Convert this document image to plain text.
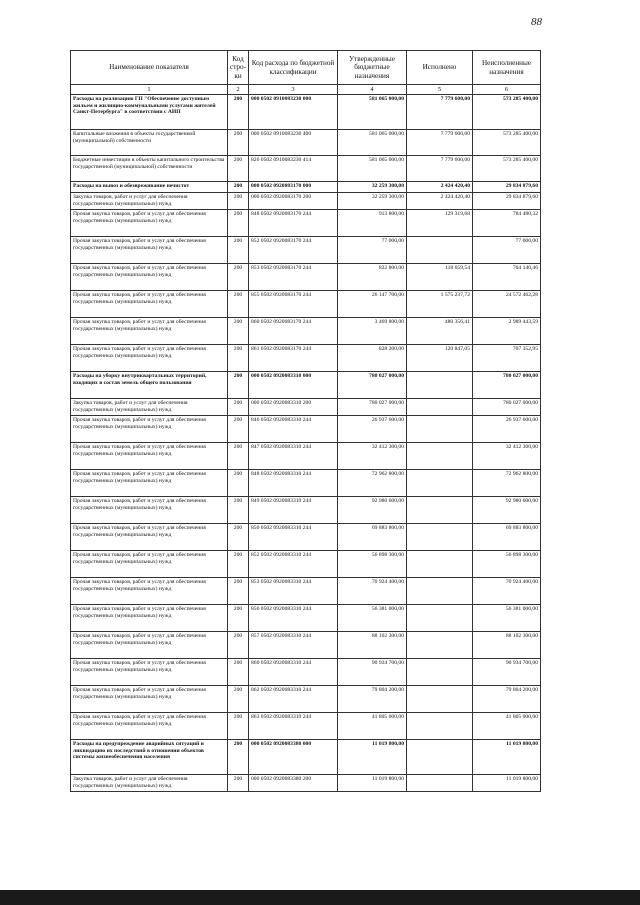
88
Наименование показателя	Код стро-ки	Код расхода по бюджетной классификации	Утвержденные бюджетные назначения	Исполнено	Неисполненные назначения
1	2	3	4	5	6
Расходы на реализацию ГП "Обеспечение доступным жильем и жилищно-коммунальными услугами жителей Санкт-Петербурга" в соответствии с АИП	200	000 0502 0910083230 000	581 065 000,00	7 779 600,00	573 285 400,00
Капитальные вложения в объекты государственной (муниципальной) собственности	200	000 0502 0910083230 400	581 065 000,00	7 779 600,00	573 285 400,00
Бюджетные инвестиции в объекты капитального строительства государственной (муниципальной) собственности	200	826 0502 0910083230 414	581 065 000,00	7 779 600,00	573 285 400,00
Расходы на вывоз и обезвреживание нечистот	200	000 0502 0920083170 000	32 259 300,00	2 424 420,40	29 834 879,60
Закупка товаров, работ и услуг для обеспечения государственных (муниципальных) нужд	200	000 0502 0920083170 200	32 259 300,00	2 424 420,40	29 834 879,60
Прочая закупка товаров, работ и услуг для обеспечения государственных (муниципальных) нужд	200	848 0502 0920083170 244	913 800,00	129 319,68	784 480,32
Прочая закупка товаров, работ и услуг для обеспечения государственных (муниципальных) нужд	200	852 0502 0920083170 244	77 000,00		77 000,00
Прочая закупка товаров, работ и услуг для обеспечения государственных (муниципальных) нужд	200	853 0502 0920083170 244	822 800,00	118 659,54	704 140,46
Прочая закупка товаров, работ и услуг для обеспечения государственных (муниципальных) нужд	200	855 0502 0920083170 244	26 147 700,00	1 575 237,72	24 572 462,28
Прочая закупка товаров, работ и услуг для обеспечения государственных (муниципальных) нужд	200	860 0502 0920083170 244	3 469 800,00	480 356,41	2 989 443,59
Прочая закупка товаров, работ и услуг для обеспечения государственных (муниципальных) нужд	200	861 0502 0920083170 244	828 200,00	120 847,05	707 352,95
Расходы на уборку внутриквартальных территорий, входящих в состав земель общего пользования	200	000 0502 0920083310 000	780 027 000,00		780 027 000,00
Закупка товаров, работ и услуг для обеспечения государственных (муниципальных) нужд	200	000 0502 0920083310 200	780 027 000,00		780 027 000,00
Прочая закупка товаров, работ и услуг для обеспечения государственных (муниципальных) нужд	200	846 0502 0920083310 244	26 937 600,00		26 937 600,00
Прочая закупка товаров, работ и услуг для обеспечения государственных (муниципальных) нужд	200	847 0502 0920083310 244	32 412 300,00		32 412 300,00
Прочая закупка товаров, работ и услуг для обеспечения государственных (муниципальных) нужд	200	848 0502 0920083310 244	72 962 800,00		72 962 800,00
Прочая закупка товаров, работ и услуг для обеспечения государственных (муниципальных) нужд	200	849 0502 0920083310 244	92 980 600,00		92 980 600,00
Прочая закупка товаров, работ и услуг для обеспечения государственных (муниципальных) нужд	200	850 0502 0920083310 244	69 883 800,00		69 883 800,00
Прочая закупка товаров, работ и услуг для обеспечения государственных (муниципальных) нужд	200	852 0502 0920083310 244	56 898 300,00		56 898 300,00
Прочая закупка товаров, работ и услуг для обеспечения государственных (муниципальных) нужд	200	853 0502 0920083310 244	70 924 400,00		70 924 400,00
Прочая закупка товаров, работ и услуг для обеспечения государственных (муниципальных) нужд	200	856 0502 0920083310 244	56 381 000,00		56 381 000,00
Прочая закупка товаров, работ и услуг для обеспечения государственных (муниципальных) нужд	200	857 0502 0920083310 244	88 102 300,00		88 102 300,00
Прочая закупка товаров, работ и услуг для обеспечения государственных (муниципальных) нужд	200	860 0502 0920083310 244	90 934 700,00		90 934 700,00
Прочая закупка товаров, работ и услуг для обеспечения государственных (муниципальных) нужд	200	862 0502 0920083310 244	79 804 200,00		79 804 200,00
Прочая закупка товаров, работ и услуг для обеспечения государственных (муниципальных) нужд	200	863 0502 0920083310 244	41 805 000,00		41 805 000,00
Расходы на предупреждение аварийных ситуаций и ликвидацию их последствий в отношении объектов системы жизнеобеспечения населения	200	000 0502 0920083380 000	11 019 800,00		11 019 800,00
Закупка товаров, работ и услуг для обеспечения государственных (муниципальных) нужд	200	000 0502 0920083380 200	11 019 800,00		11 019 800,00
